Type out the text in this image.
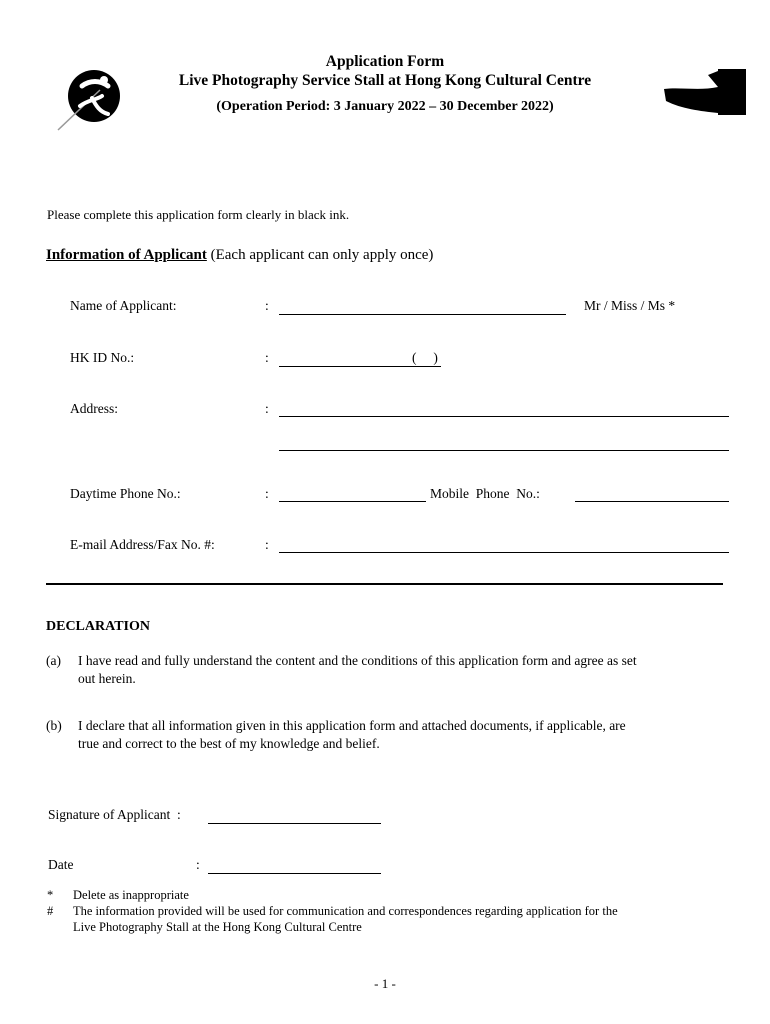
Application Form
Live Photography Service Stall at Hong Kong Cultural Centre
(Operation Period: 3 January 2022 – 30 December 2022)
Please complete this application form clearly in black ink.
Information of Applicant (Each applicant can only apply once)
Name of Applicant:	:	Mr / Miss / Ms *
HK ID No.:	:	(     )
Address:	:
Daytime Phone No.:	:	Mobile  Phone  No.:
E-mail Address/Fax No. #:	:
DECLARATION
(a) I have read and fully understand the content and the conditions of this application form and agree as set
out herein.
(b) I declare that all information given in this application form and attached documents, if applicable, are
true and correct to the best of my knowledge and belief.
Signature of Applicant  :
Date	:
* Delete as inappropriate
# The information provided will be used for communication and correspondences regarding application for the
Live Photography Stall at the Hong Kong Cultural Centre
- 1 -
